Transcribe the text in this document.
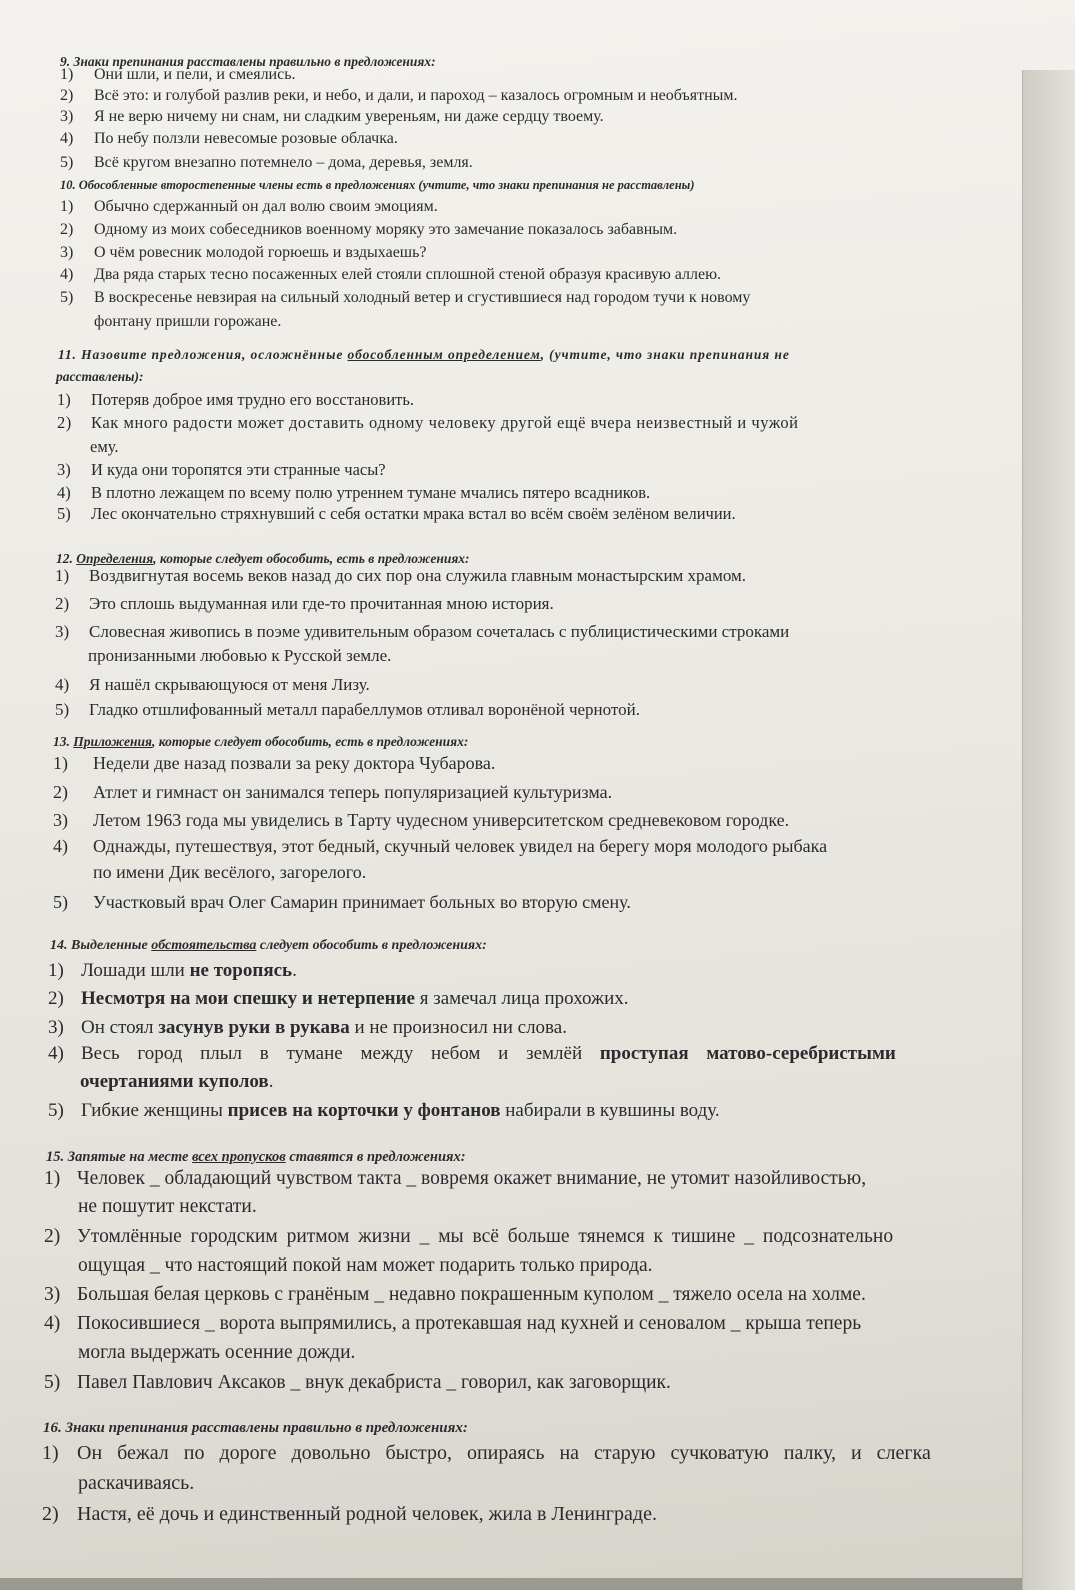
9. Знаки препинания расставлены правильно в предложениях:
1) Они шли, и пели, и смеялись.
2) Всё это: и голубой разлив реки, и небо, и дали, и пароход – казалось огромным и необъятным.
3) Я не верю ничему ни снам, ни сладким увереньям, ни даже сердцу твоему.
4) По небу ползли невесомые розовые облачка.
5) Всё кругом внезапно потемнело – дома, деревья, земля.
10. Обособленные второстепенные члены есть в предложениях (учтите, что знаки препинания не расставлены)
1) Обычно сдержанный он дал волю своим эмоциям.
2) Одному из моих собеседников военному моряку это замечание показалось забавным.
3) О чём ровесник молодой горюешь и вздыхаешь?
4) Два ряда старых тесно посаженных елей стояли сплошной стеной образуя красивую аллею.
5) В воскресенье невзирая на сильный холодный ветер и сгустившиеся над городом тучи к новому
фонтану пришли горожане.
11. Назовите предложения, осложнённые обособленным определением, (учтите, что знаки препинания не
расставлены):
1) Потеряв доброе имя трудно его восстановить.
2) Как много радости может доставить одному человеку другой ещё вчера неизвестный и чужой
ему.
3) И куда они торопятся эти странные часы?
4) В плотно лежащем по всему полю утреннем тумане мчались пятеро всадников.
5) Лес окончательно стряхнувший с себя остатки мрака встал во всём своём зелёном величии.
12. Определения, которые следует обособить, есть в предложениях:
1) Воздвигнутая восемь веков назад до сих пор она служила главным монастырским храмом.
2) Это сплошь выдуманная или где-то прочитанная мною история.
3) Словесная живопись в поэме удивительным образом сочеталась с публицистическими строками
пронизанными любовью к Русской земле.
4) Я нашёл скрывающуюся от меня Лизу.
5) Гладко отшлифованный металл парабеллумов отливал воронёной чернотой.
13. Приложения, которые следует обособить, есть в предложениях:
1) Недели две назад позвали за реку доктора Чубарова.
2) Атлет и гимнаст он занимался теперь популяризацией культуризма.
3) Летом 1963 года мы увиделись в Тарту чудесном университетском средневековом городке.
4) Однажды, путешествуя, этот бедный, скучный человек увидел на берегу моря молодого рыбака
по имени Дик весёлого, загорелого.
5) Участковый врач Олег Самарин принимает больных во вторую смену.
14. Выделенные обстоятельства следует обособить в предложениях:
1) Лошади шли не торопясь.
2) Несмотря на мои спешку и нетерпение я замечал лица прохожих.
3) Он стоял засунув руки в рукава и не произносил ни слова.
4) Весь город плыл в тумане между небом и землёй проступая матово-серебристыми
очертаниями куполов.
5) Гибкие женщины присев на корточки у фонтанов набирали в кувшины воду.
15. Запятые на месте всех пропусков ставятся в предложениях:
1) Человек _ обладающий чувством такта _ вовремя окажет внимание, не утомит назойливостью,
не пошутит некстати.
2) Утомлённые городским ритмом жизни _ мы всё больше тянемся к тишине _ подсознательно
ощущая _ что настоящий покой нам может подарить только природа.
3) Большая белая церковь с гранёным _ недавно покрашенным куполом _ тяжело осела на холме.
4) Покосившиеся _ ворота выпрямились, а протекавшая над кухней и сеновалом _ крыша теперь
могла выдержать осенние дожди.
5) Павел Павлович Аксаков _ внук декабриста _ говорил, как заговорщик.
16. Знаки препинания расставлены правильно в предложениях:
1) Он бежал по дороге довольно быстро, опираясь на старую сучковатую палку, и слегка
раскачиваясь.
2) Настя, её дочь и единственный родной человек, жила в Ленинграде.
